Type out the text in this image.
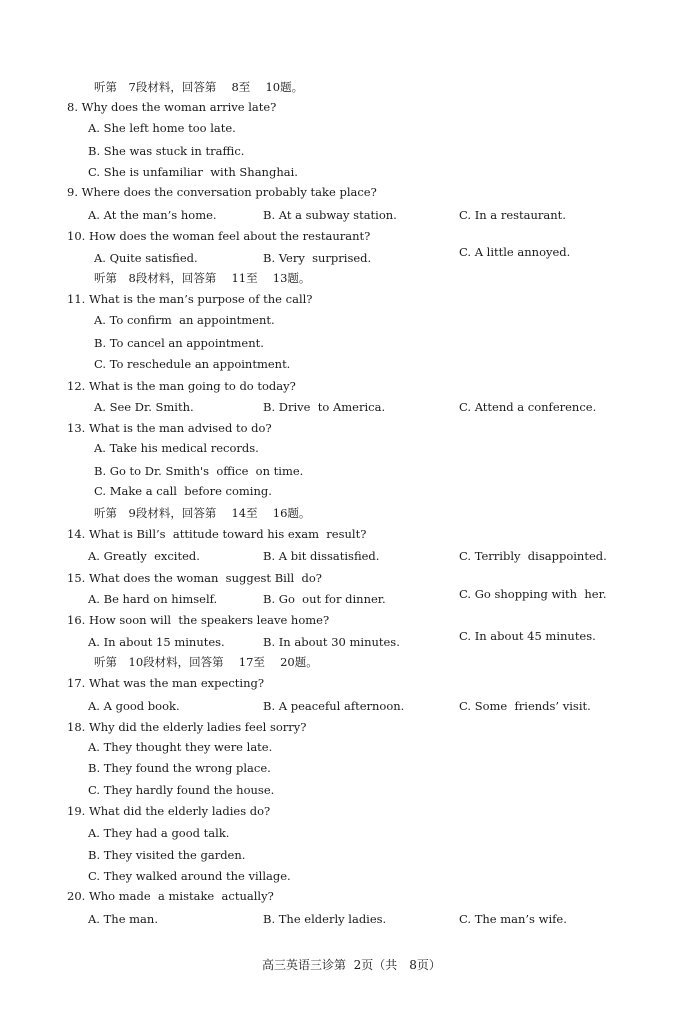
听第　7段材料，回答第　 8至　 10题。
8. Why does the woman arrive late?
A. She left home too late.
B. She was stuck in traffic.
C. She is unfamiliar  with Shanghai.
9. Where does the conversation probably take place?
A. At the man’s home.	B. At a subway station.	C. In a restaurant.
10. How does the woman feel about the restaurant?
A. Quite satisfied.	B. Very  surprised.	C. A little annoyed.
听第　8段材料，回答第　 11至　 13题。
11. What is the man’s purpose of the call?
A. To confirm  an appointment.
B. To cancel an appointment.
C. To reschedule an appointment.
12. What is the man going to do today?
A. See Dr. Smith.	B. Drive  to America.	C. Attend a conference.
13. What is the man advised to do?
A. Take his medical records.
B. Go to Dr. Smith's  office  on time.
C. Make a call  before coming.
听第　9段材料，回答第　 14至　 16题。
14. What is Bill’s  attitude toward his exam  result?
A. Greatly  excited.	B. A bit dissatisfied.	C. Terribly  disappointed.
15. What does the woman  suggest Bill  do?
A. Be hard on himself.	B. Go  out for dinner.	C. Go shopping with  her.
16. How soon will  the speakers leave home?
A. In about 15 minutes.	B. In about 30 minutes.	C. In about 45 minutes.
听第　10段材料，回答第　 17至　 20题。
17. What was the man expecting?
A. A good book.	B. A peaceful afternoon.	C. Some  friends’ visit.
18. Why did the elderly ladies feel sorry?
A. They thought they were late.
B. They found the wrong place.
C. They hardly found the house.
19. What did the elderly ladies do?
A. They had a good talk.
B. They visited the garden.
C. They walked around the village.
20. Who made  a mistake  actually?
A. The man.	B. The elderly ladies.	C. The man’s wife.
高三英语三诊第  2页（共　8页）
